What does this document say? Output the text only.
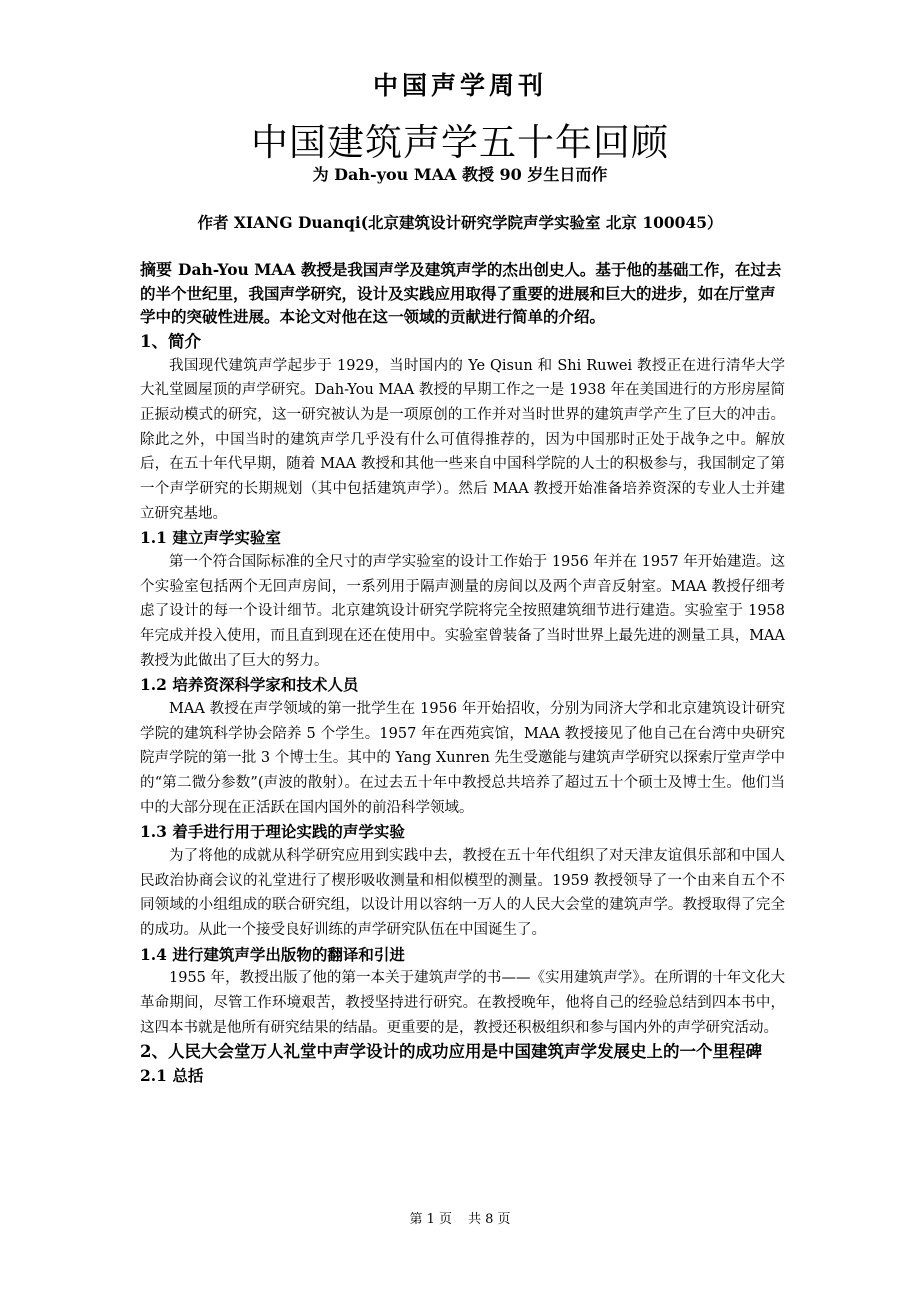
中国声学周刊
中国建筑声学五十年回顾
为 Dah-you MAA 教授 90 岁生日而作
作者 XIANG Duanqi(北京建筑设计研究学院声学实验室 北京 100045）

摘要 Dah-You MAA 教授是我国声学及建筑声学的杰出创史人。基于他的基础工作，在过去的半个世纪里，我国声学研究，设计及实践应用取得了重要的进展和巨大的进步，如在厅堂声学中的突破性进展。本论文对他在这一领域的贡献进行简单的介绍。

1、简介

我国现代建筑声学起步于 1929，当时国内的 Ye Qisun 和 Shi Ruwei 教授正在进行清华大学大礼堂圆屋顶的声学研究。Dah-You MAA 教授的早期工作之一是 1938 年在美国进行的方形房屋简正振动模式的研究，这一研究被认为是一项原创的工作并对当时世界的建筑声学产生了巨大的冲击。除此之外，中国当时的建筑声学几乎没有什么可值得推荐的，因为中国那时正处于战争之中。解放后，在五十年代早期，随着 MAA 教授和其他一些来自中国科学院的人士的积极参与，我国制定了第一个声学研究的长期规划（其中包括建筑声学）。然后 MAA 教授开始准备培养资深的专业人士并建立研究基地。

1.1 建立声学实验室

第一个符合国际标准的全尺寸的声学实验室的设计工作始于 1956 年并在 1957 年开始建造。这个实验室包括两个无回声房间，一系列用于隔声测量的房间以及两个声音反射室。MAA 教授仔细考虑了设计的每一个设计细节。北京建筑设计研究学院将完全按照建筑细节进行建造。实验室于 1958 年完成并投入使用，而且直到现在还在使用中。实验室曾装备了当时世界上最先进的测量工具，MAA 教授为此做出了巨大的努力。

1.2 培养资深科学家和技术人员

MAA 教授在声学领域的第一批学生在 1956 年开始招收，分别为同济大学和北京建筑设计研究学院的建筑科学协会陪养 5 个学生。1957 年在西苑宾馆，MAA 教授接见了他自己在台湾中央研究院声学院的第一批 3 个博士生。其中的 Yang Xunren 先生受邀能与建筑声学研究以探索厅堂声学中的“第二微分参数”(声波的散射）。在过去五十年中教授总共培养了超过五十个硕士及博士生。他们当中的大部分现在正活跃在国内国外的前沿科学领域。

1.3 着手进行用于理论实践的声学实验

为了将他的成就从科学研究应用到实践中去，教授在五十年代组织了对天津友谊俱乐部和中国人民政治协商会议的礼堂进行了楔形吸收测量和相似模型的测量。1959 教授领导了一个由来自五个不同领域的小组组成的联合研究组，以设计用以容纳一万人的人民大会堂的建筑声学。教授取得了完全的成功。从此一个接受良好训练的声学研究队伍在中国诞生了。

1.4 进行建筑声学出版物的翻译和引进

1955 年，教授出版了他的第一本关于建筑声学的书——《实用建筑声学》。在所谓的十年文化大革命期间，尽管工作环境艰苦，教授坚持进行研究。在教授晚年，他将自己的经验总结到四本书中，这四本书就是他所有研究结果的结晶。更重要的是，教授还积极组织和参与国内外的声学研究活动。

2、人民大会堂万人礼堂中声学设计的成功应用是中国建筑声学发展史上的一个里程碑
2.1 总括
第 1 页 共 8 页
